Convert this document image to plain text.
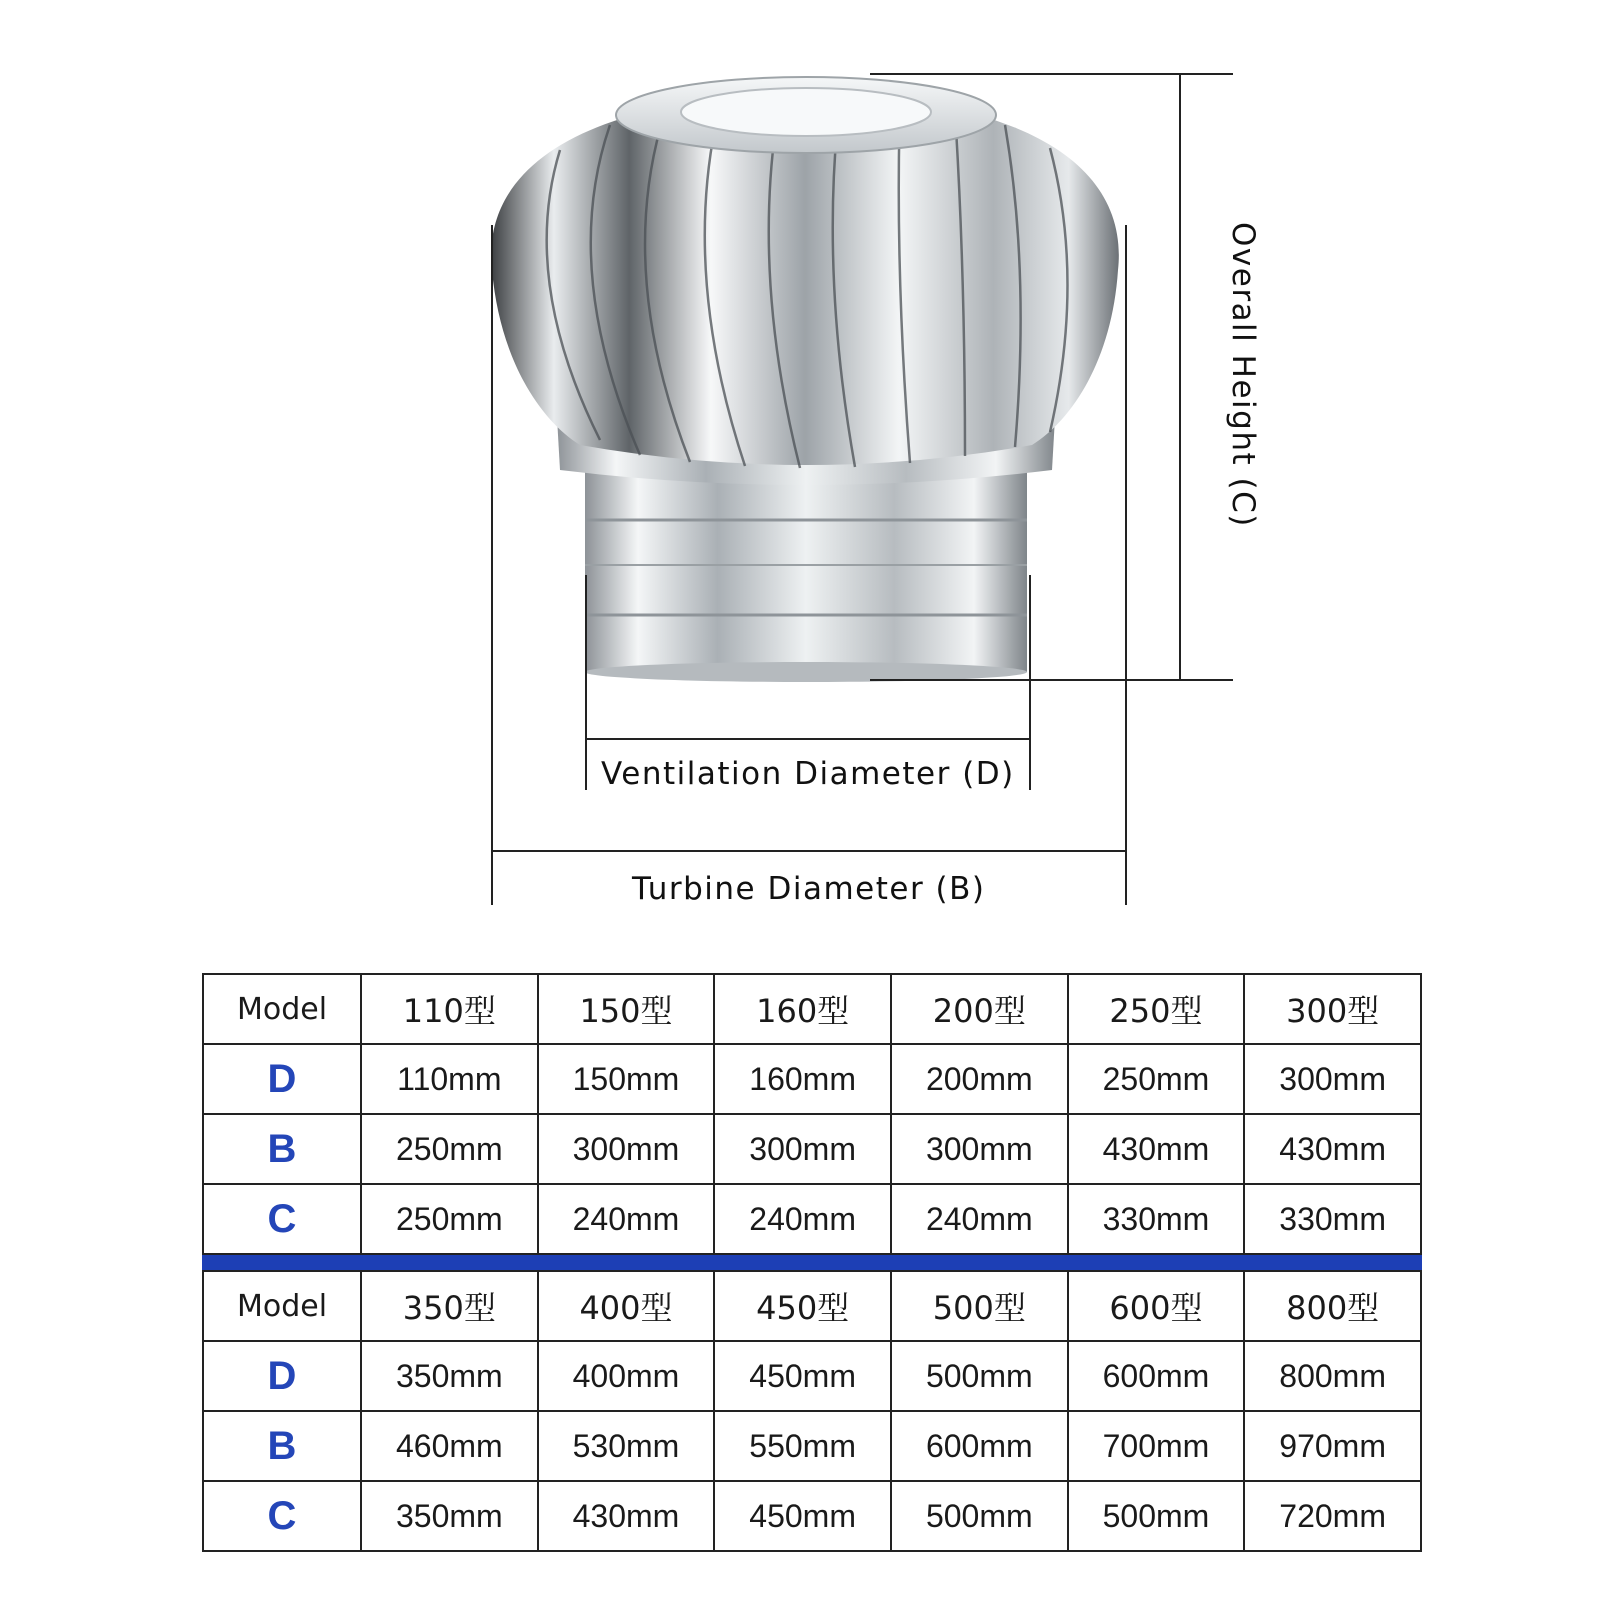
Ventilation Diameter (D)
Turbine Diameter (B)
Overall Height (C)
Model	110型	150型	160型	200型	250型	300型
D	110mm	150mm	160mm	200mm	250mm	300mm
B	250mm	300mm	300mm	300mm	430mm	430mm
C	250mm	240mm	240mm	240mm	330mm	330mm

Model	350型	400型	450型	500型	600型	800型
D	350mm	400mm	450mm	500mm	600mm	800mm
B	460mm	530mm	550mm	600mm	700mm	970mm
C	350mm	430mm	450mm	500mm	500mm	720mm
